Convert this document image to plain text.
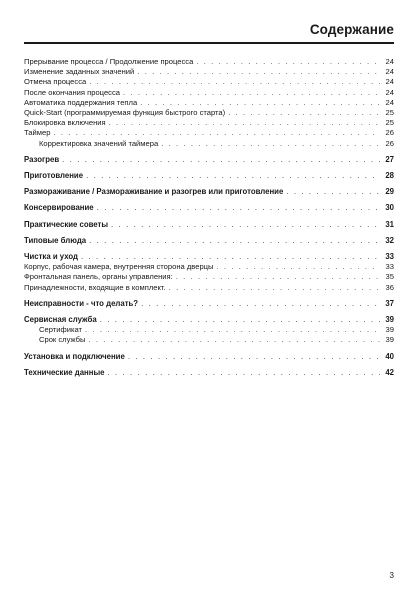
Содержание
Прерывание процесса / Продолжение процесса . . .	24
Изменение заданных значений . . .	24
Отмена процесса . . .	24
После окончания процесса . . .	24
Автоматика поддержания тепла . . .	24
Quick-Start (программируемая функция быстрого старта) . . .	25
Блокировка включения . . .	25
Таймер . . .	26
Корректировка значений таймера . . .	26
Разогрев . . .	27
Приготовление . . .	28
Размораживание / Размораживание и разогрев или приготовление . . .	29
Консервирование . . .	30
Практические советы . . .	31
Типовые блюда . . .	32
Чистка и уход . . .	33
Корпус, рабочая камера, внутренняя сторона дверцы . . .	33
Фронтальная панель, органы управления: . . .	35
Принадлежности, входящие в комплект. . . .	36
Неисправности - что делать? . . .	37
Сервисная служба . . .	39
Сертификат . . .	39
Срок службы . . .	39
Установка и подключение . . .	40
Технические данные . . .	42
3
